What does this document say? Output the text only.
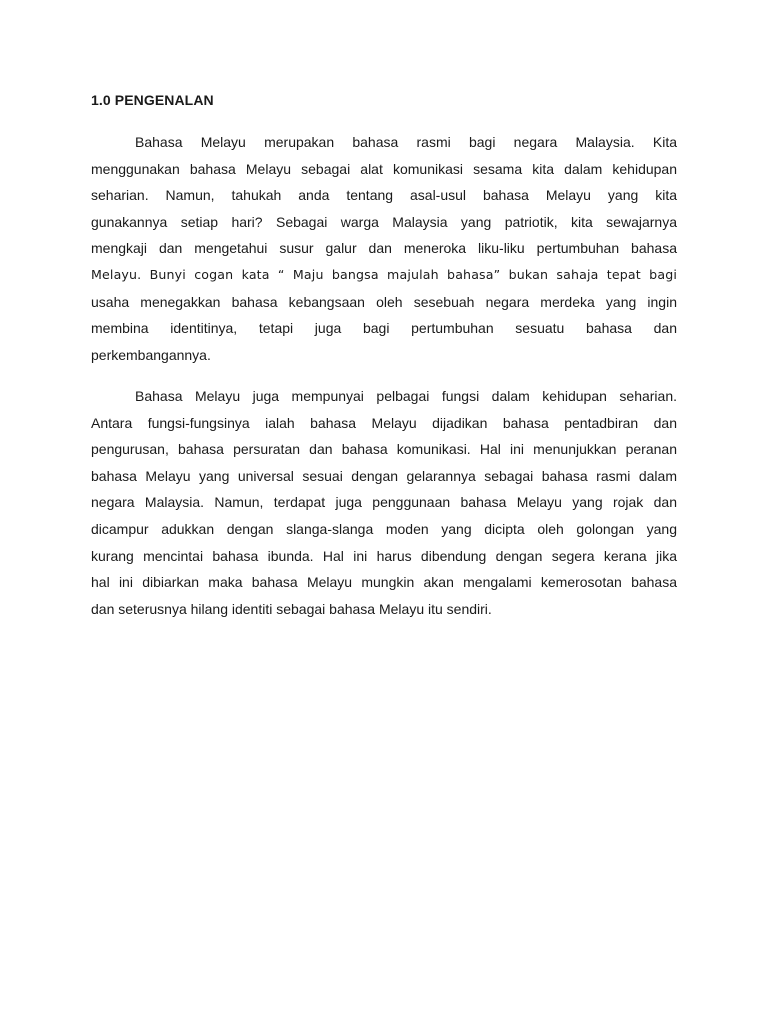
1.0 PENGENALAN
Bahasa Melayu merupakan bahasa rasmi bagi negara Malaysia. Kita
menggunakan bahasa Melayu sebagai alat komunikasi sesama kita dalam kehidupan
seharian. Namun, tahukah anda tentang asal-usul bahasa Melayu yang kita
gunakannya setiap hari? Sebagai warga Malaysia yang patriotik, kita sewajarnya
mengkaji dan mengetahui susur galur dan meneroka liku-liku pertumbuhan bahasa
Melayu. Bunyi cogan kata “ Maju bangsa majulah bahasa” bukan sahaja tepat bagi
usaha menegakkan bahasa kebangsaan oleh sesebuah negara merdeka yang ingin
membina identitinya, tetapi juga bagi pertumbuhan sesuatu bahasa dan
perkembangannya.
Bahasa Melayu juga mempunyai pelbagai fungsi dalam kehidupan seharian.
Antara fungsi-fungsinya ialah bahasa Melayu dijadikan bahasa pentadbiran dan
pengurusan, bahasa persuratan dan bahasa komunikasi. Hal ini menunjukkan peranan
bahasa Melayu yang universal sesuai dengan gelarannya sebagai bahasa rasmi dalam
negara Malaysia. Namun, terdapat juga penggunaan bahasa Melayu yang rojak dan
dicampur adukkan dengan slanga-slanga moden yang dicipta oleh golongan yang
kurang mencintai bahasa ibunda. Hal ini harus dibendung dengan segera kerana jika
hal ini dibiarkan maka bahasa Melayu mungkin akan mengalami kemerosotan bahasa
dan seterusnya hilang identiti sebagai bahasa Melayu itu sendiri.
